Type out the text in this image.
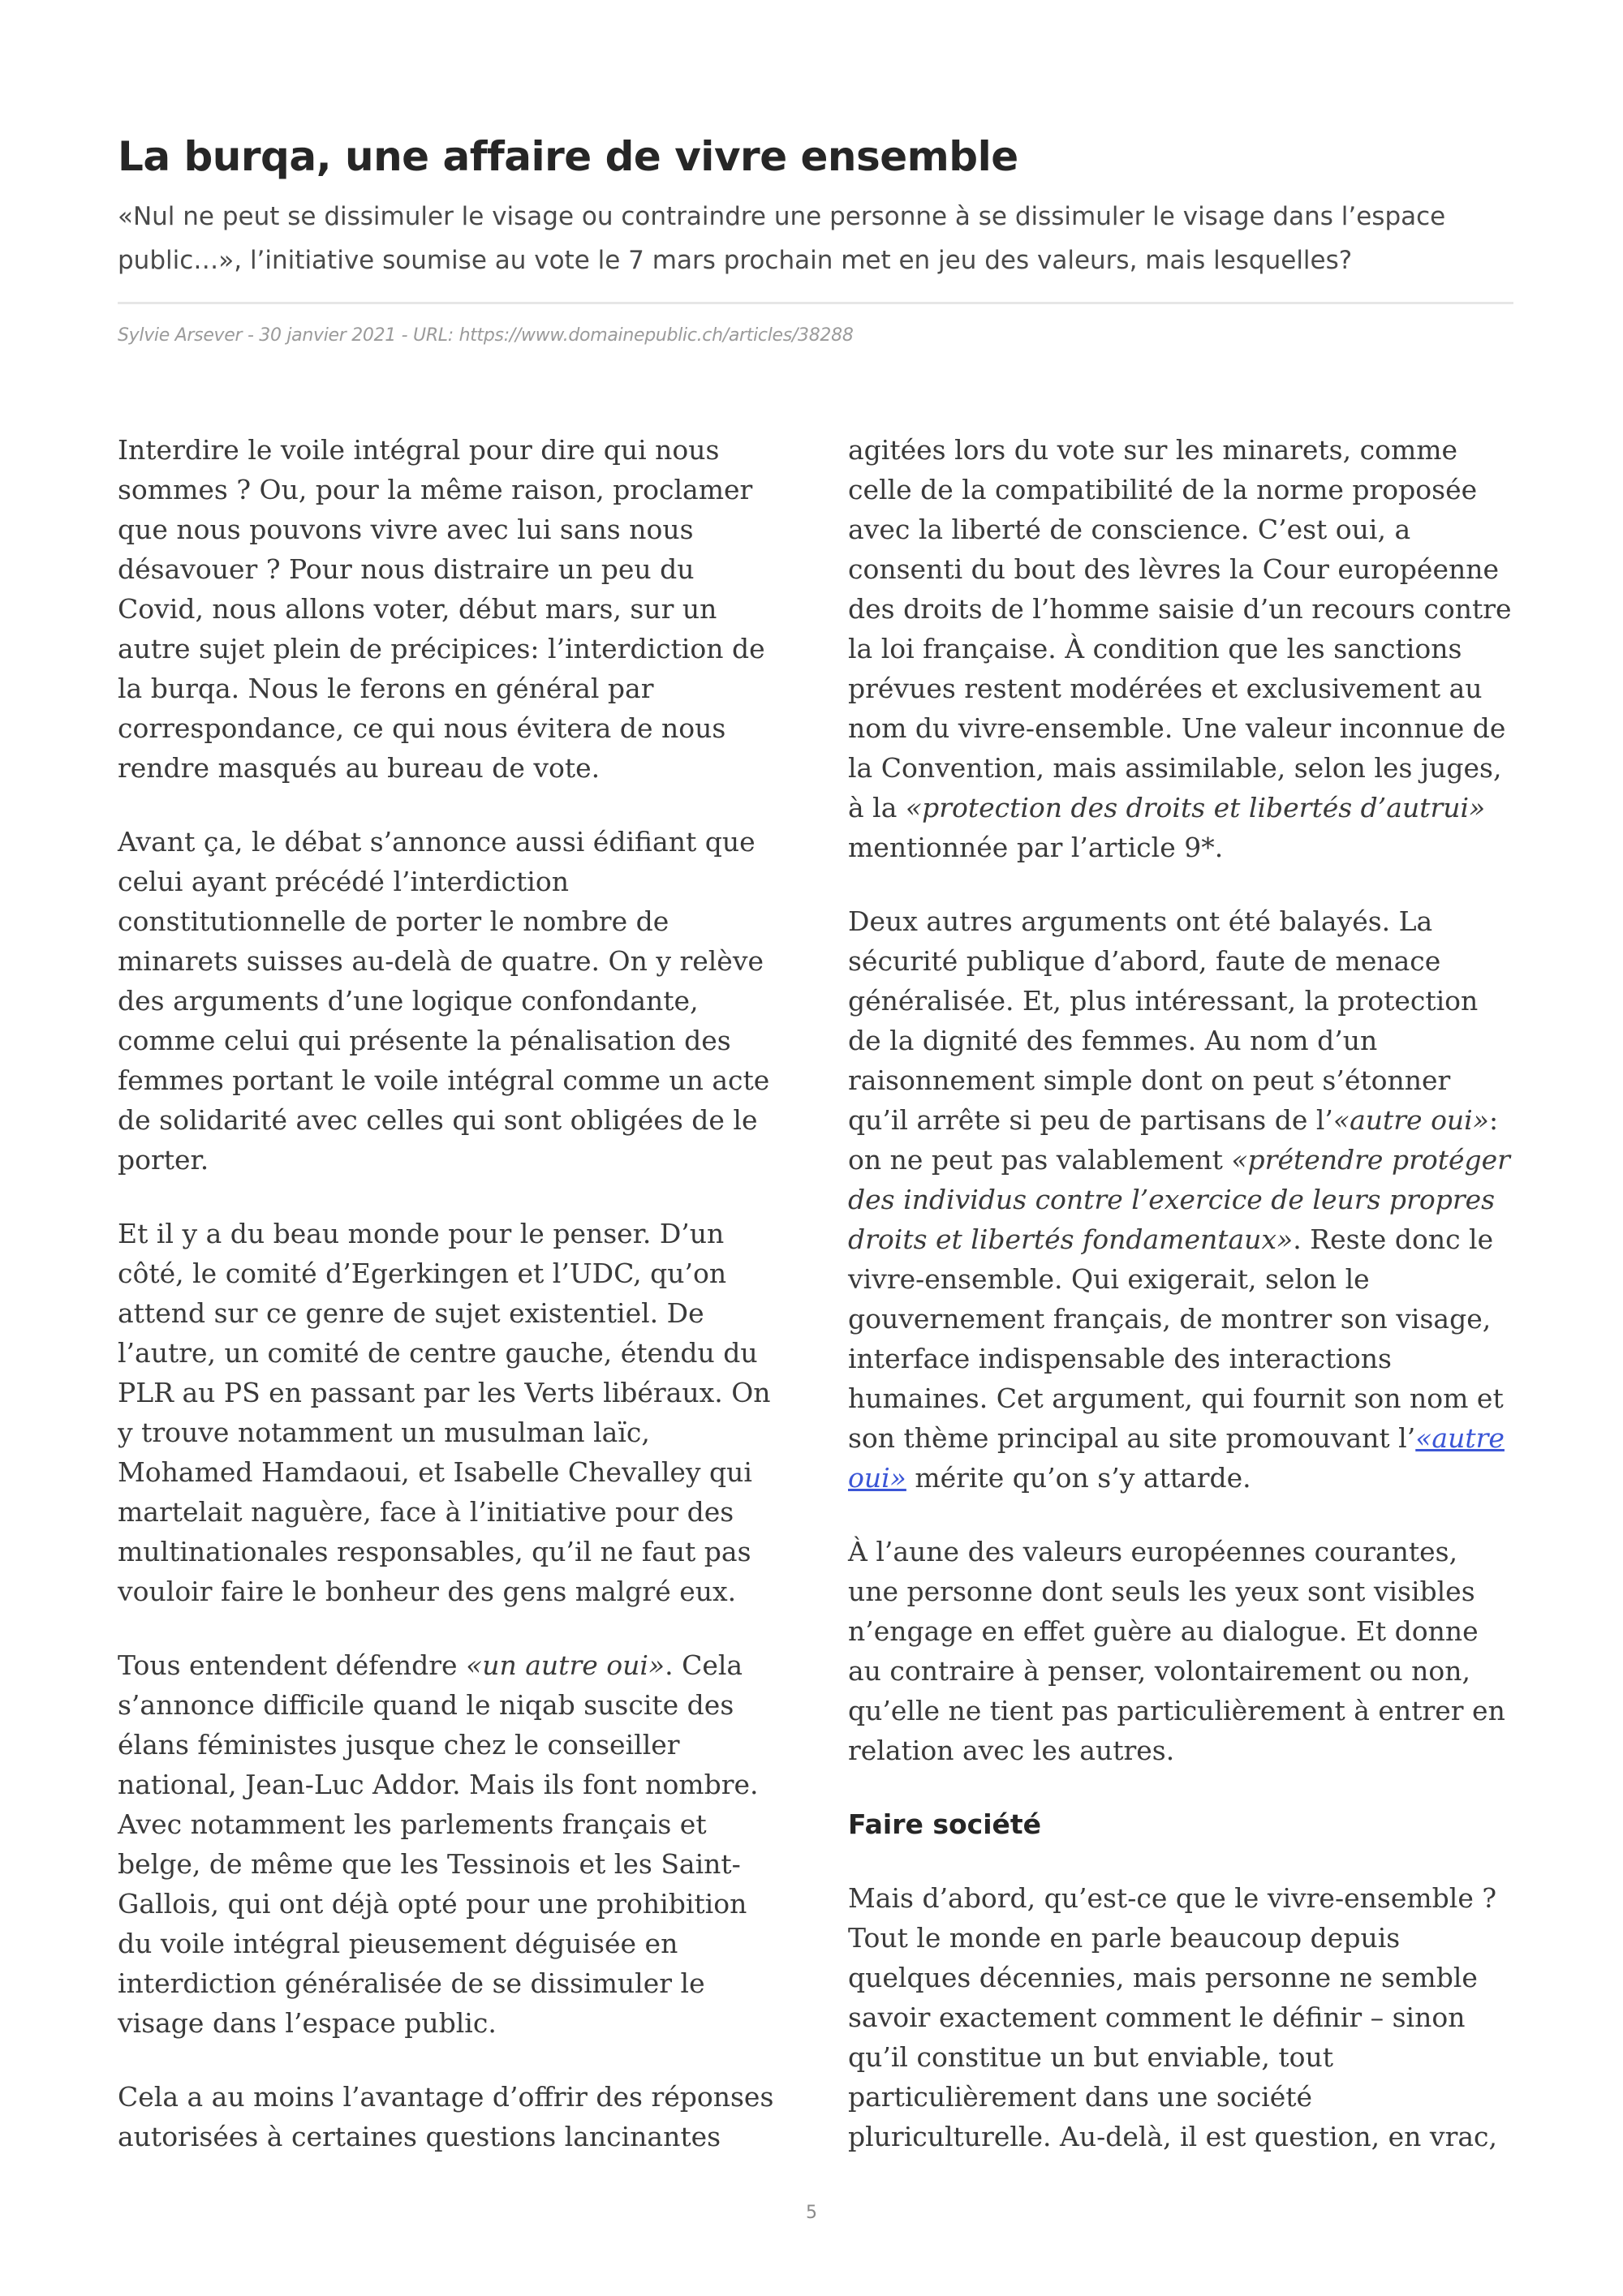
La burqa, une affaire de vivre ensemble

«Nul ne peut se dissimuler le visage ou contraindre une personne à se dissimuler le visage dans l’espace public…», l’initiative soumise au vote le 7 mars prochain met en jeu des valeurs, mais lesquelles?

Sylvie Arsever - 30 janvier 2021 - URL: https://www.domainepublic.ch/articles/38288

Interdire le voile intégral pour dire qui nous sommes ? Ou, pour la même raison, proclamer que nous pouvons vivre avec lui sans nous désavouer ? Pour nous distraire un peu du Covid, nous allons voter, début mars, sur un autre sujet plein de précipices: l’interdiction de la burqa. Nous le ferons en général par correspondance, ce qui nous évitera de nous rendre masqués au bureau de vote.

Avant ça, le débat s’annonce aussi édifiant que celui ayant précédé l’interdiction constitutionnelle de porter le nombre de minarets suisses au-delà de quatre. On y relève des arguments d’une logique confondante, comme celui qui présente la pénalisation des femmes portant le voile intégral comme un acte de solidarité avec celles qui sont obligées de le porter.

Et il y a du beau monde pour le penser. D’un côté, le comité d’Egerkingen et l’UDC, qu’on attend sur ce genre de sujet existentiel. De l’autre, un comité de centre gauche, étendu du PLR au PS en passant par les Verts libéraux. On y trouve notamment un musulman laïc, Mohamed Hamdaoui, et Isabelle Chevalley qui martelait naguère, face à l’initiative pour des multinationales responsables, qu’il ne faut pas vouloir faire le bonheur des gens malgré eux.

Tous entendent défendre «un autre oui». Cela s’annonce difficile quand le niqab suscite des élans féministes jusque chez le conseiller national, Jean-Luc Addor. Mais ils font nombre. Avec notamment les parlements français et belge, de même que les Tessinois et les Saint-Gallois, qui ont déjà opté pour une prohibition du voile intégral pieusement déguisée en interdiction généralisée de se dissimuler le visage dans l’espace public.

Cela a au moins l’avantage d’offrir des réponses autorisées à certaines questions lancinantes

agitées lors du vote sur les minarets, comme celle de la compatibilité de la norme proposée avec la liberté de conscience. C’est oui, a consenti du bout des lèvres la Cour européenne des droits de l’homme saisie d’un recours contre la loi française. À condition que les sanctions prévues restent modérées et exclusivement au nom du vivre-ensemble. Une valeur inconnue de la Convention, mais assimilable, selon les juges, à la «protection des droits et libertés d’autrui» mentionnée par l’article 9*.

Deux autres arguments ont été balayés. La sécurité publique d’abord, faute de menace généralisée. Et, plus intéressant, la protection de la dignité des femmes. Au nom d’un raisonnement simple dont on peut s’étonner qu’il arrête si peu de partisans de l’«autre oui»: on ne peut pas valablement «prétendre protéger des individus contre l’exercice de leurs propres droits et libertés fondamentaux». Reste donc le vivre-ensemble. Qui exigerait, selon le gouvernement français, de montrer son visage, interface indispensable des interactions humaines. Cet argument, qui fournit son nom et son thème principal au site promouvant l’«autre oui» mérite qu’on s’y attarde.

À l’aune des valeurs européennes courantes, une personne dont seuls les yeux sont visibles n’engage en effet guère au dialogue. Et donne au contraire à penser, volontairement ou non, qu’elle ne tient pas particulièrement à entrer en relation avec les autres.

Faire société

Mais d’abord, qu’est-ce que le vivre-ensemble ? Tout le monde en parle beaucoup depuis quelques décennies, mais personne ne semble savoir exactement comment le définir – sinon qu’il constitue un but enviable, tout particulièrement dans une société pluriculturelle. Au-delà, il est question, en vrac,

5
